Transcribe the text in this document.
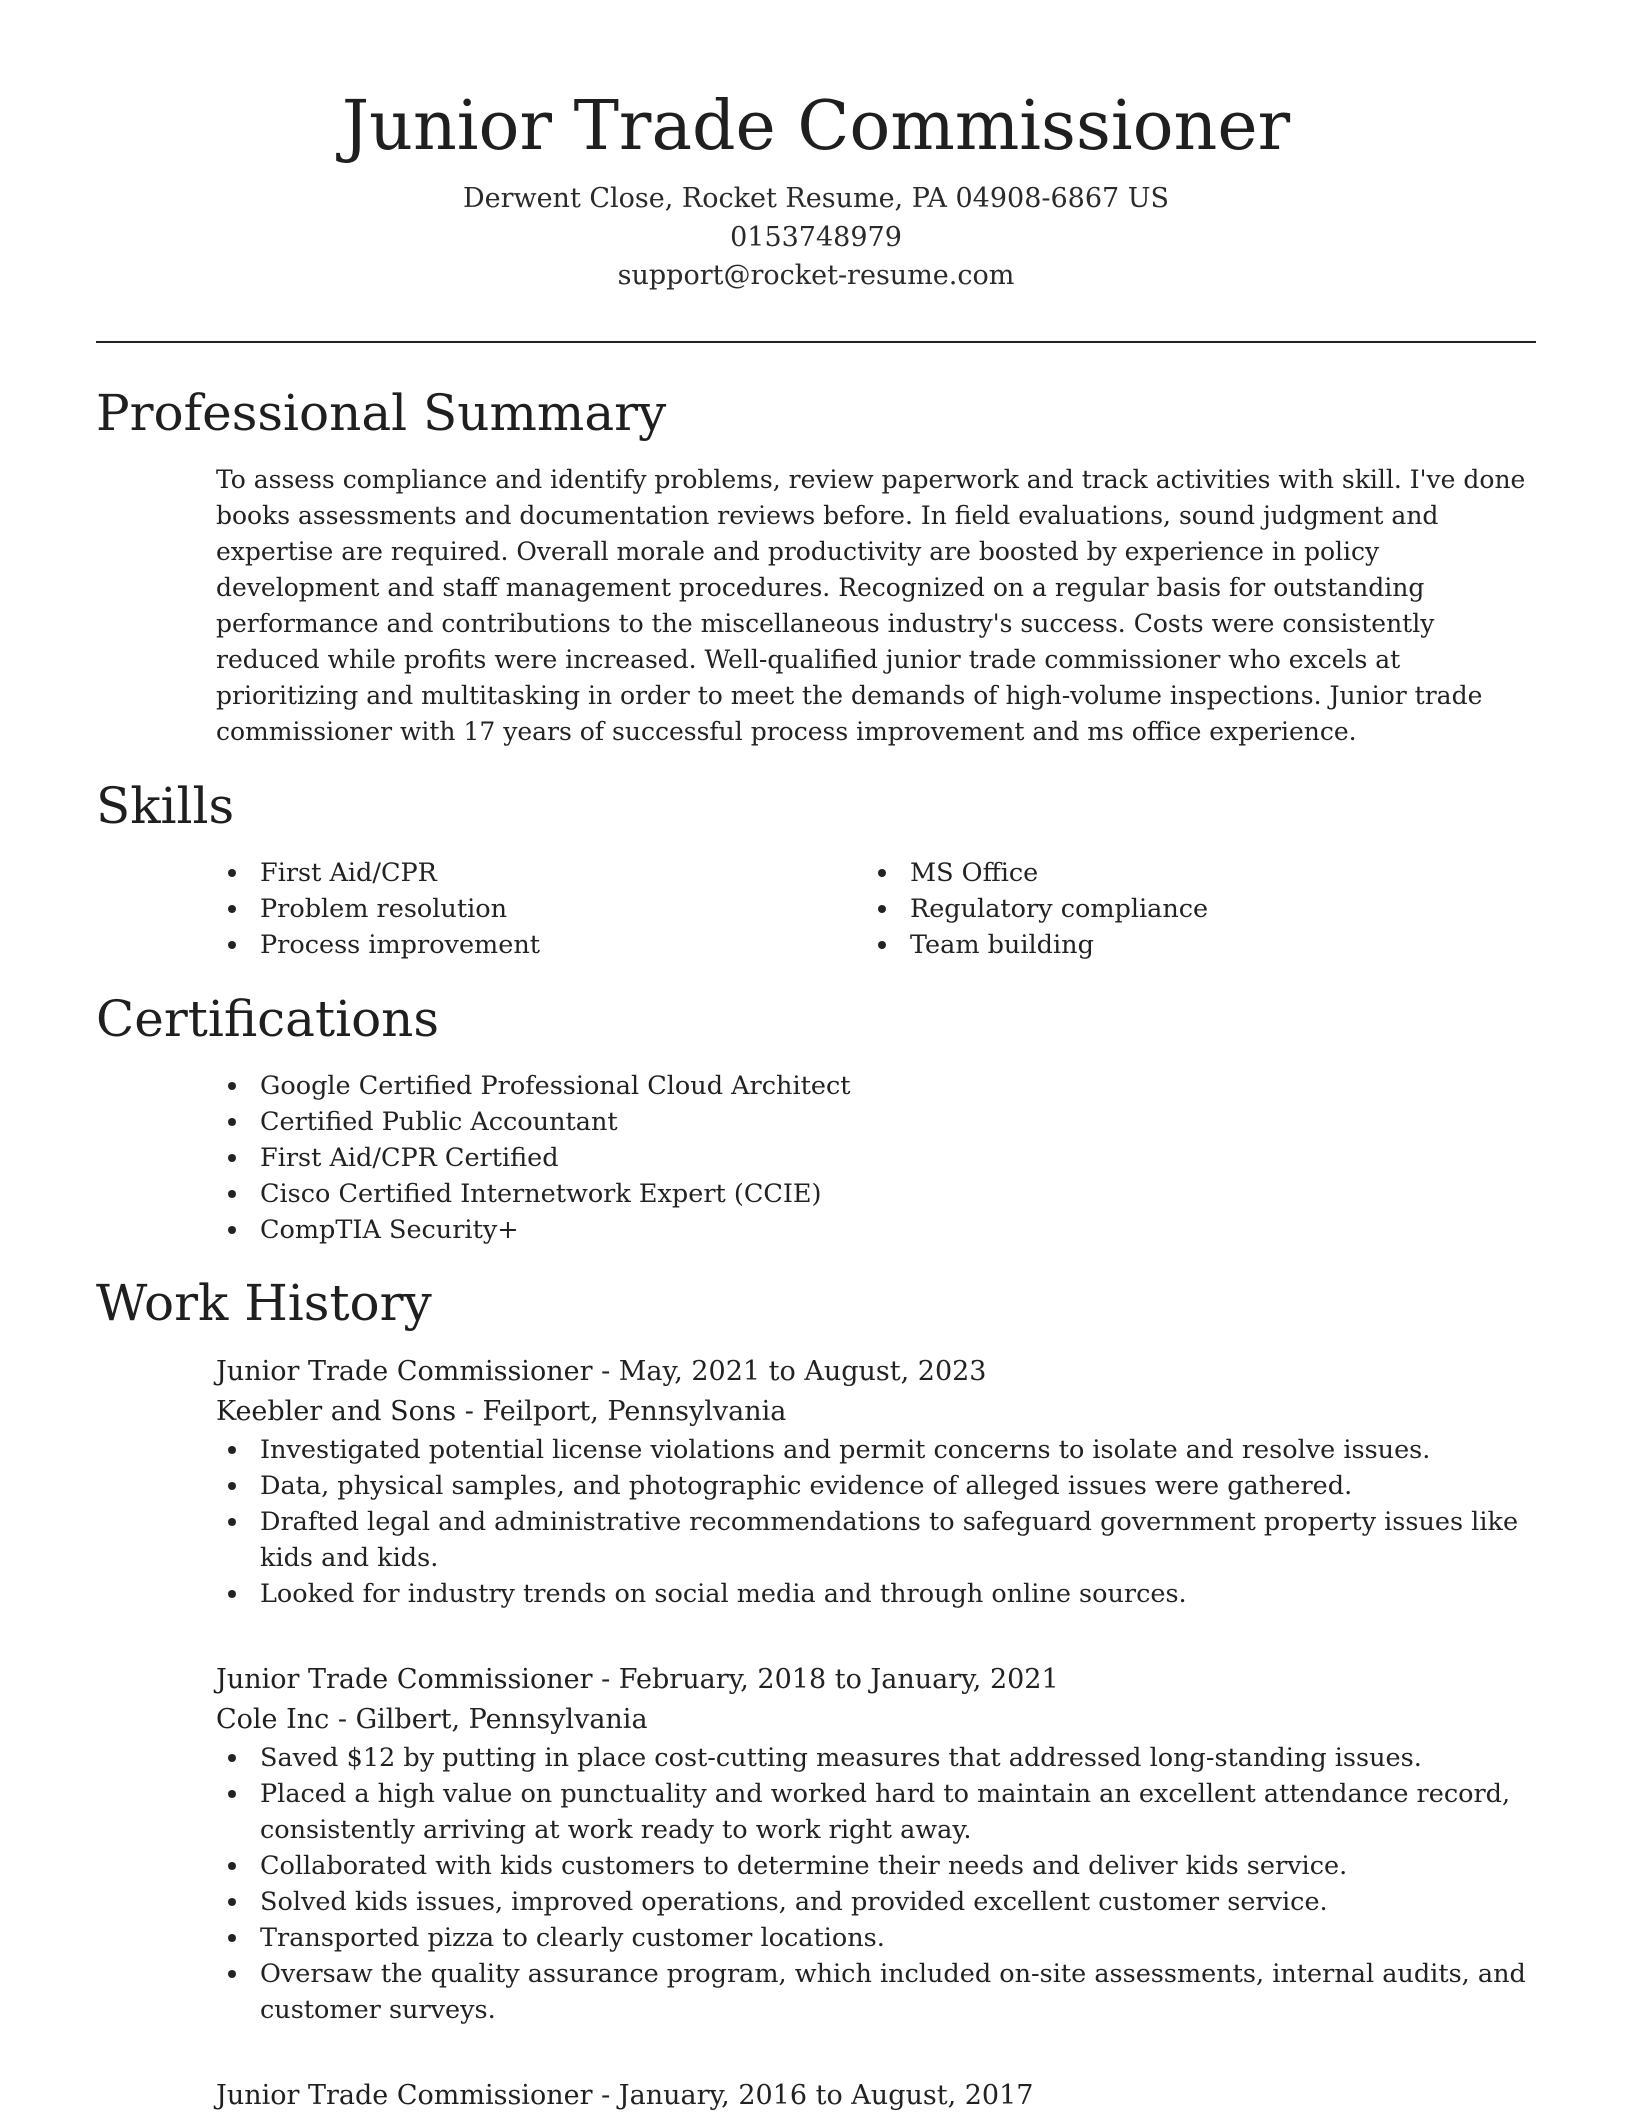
Junior Trade Commissioner
Derwent Close, Rocket Resume, PA 04908-6867 US
0153748979
support@rocket-resume.com
Professional Summary

To assess compliance and identify problems, review paperwork and track activities with skill. I've done books assessments and documentation reviews before. In field evaluations, sound judgment and expertise are required. Overall morale and productivity are boosted by experience in policy development and staff management procedures. Recognized on a regular basis for outstanding performance and contributions to the miscellaneous industry's success. Costs were consistently reduced while profits were increased. Well-qualified junior trade commissioner who excels at prioritizing and multitasking in order to meet the demands of high-volume inspections. Junior trade commissioner with 17 years of successful process improvement and ms office experience.

Skills
First Aid/CPR
Problem resolution
Process improvement
MS Office
Regulatory compliance
Team building
Certifications
Google Certified Professional Cloud Architect
Certified Public Accountant
First Aid/CPR Certified
Cisco Certified Internetwork Expert (CCIE)
CompTIA Security+
Work History
Junior Trade Commissioner - May, 2021 to August, 2023
Keebler and Sons - Feilport, Pennsylvania
Investigated potential license violations and permit concerns to isolate and resolve issues.
Data, physical samples, and photographic evidence of alleged issues were gathered.
Drafted legal and administrative recommendations to safeguard government property issues like kids and kids.
Looked for industry trends on social media and through online sources.
Junior Trade Commissioner - February, 2018 to January, 2021
Cole Inc - Gilbert, Pennsylvania
Saved $12 by putting in place cost-cutting measures that addressed long-standing issues.
Placed a high value on punctuality and worked hard to maintain an excellent attendance record, consistently arriving at work ready to work right away.
Collaborated with kids customers to determine their needs and deliver kids service.
Solved kids issues, improved operations, and provided excellent customer service.
Transported pizza to clearly customer locations.
Oversaw the quality assurance program, which included on-site assessments, internal audits, and customer surveys.
Junior Trade Commissioner - January, 2016 to August, 2017
